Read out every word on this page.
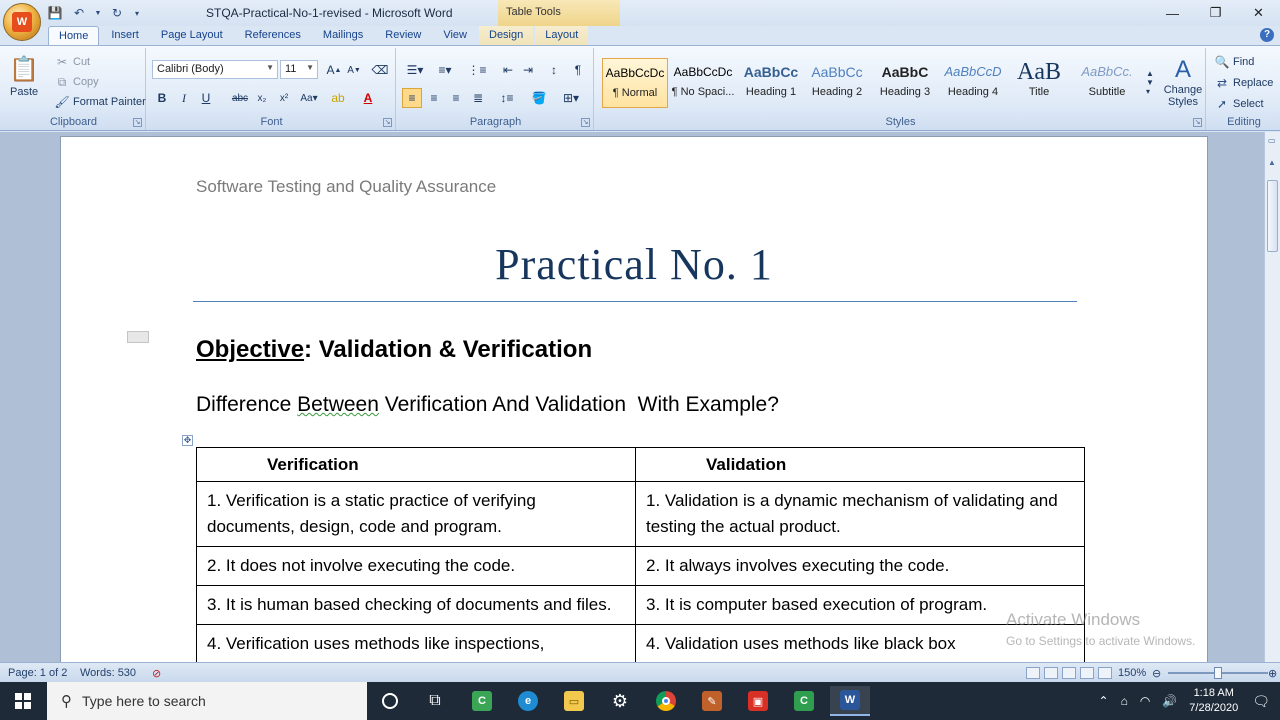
W
💾 ↶	▼ ↻	▾	STQA-Practical-No-1-revised - Microsoft Word	Table Tools	—	❐	✕
Home	Insert	Page Layout	References	Mailings	Review	View	Design	Layout	?
📋
Paste
✂ Cut
⧉ Copy
🖌 Format Painter
Clipboard	↘
Calibri (Body)	▼	11 ▼ A ▲ A ▼ ⌫
B	I	U	abc x₂	x²	Aa▾	ab	A
Font	↘
☰▾	≡▾	⋮≡	⇤ ⇥	↕	¶
≡	≡	≡	≣	↕≡	🪣	⊞▾
Paragraph	↘
AaBbCcDc
¶ Normal
AaBbCcDc
¶ No Spaci...
AaBbCc
Heading 1
AaBbCc
Heading 2
AaBbC
Heading 3
AaBbCcD
Heading 4
AaB
Title
AaBbCc.
Subtitle
▲
▼
▾
A
Change Styles
Styles	↘
🔍 Find
⇄ Replace
➚ Select
Editing
Software Testing and Quality Assurance
Practical No. 1
Objective: Validation & Verification
Difference Between Verification And Validation  With Example?
✥
Verification	Validation
1. Verification is a static practice of verifying documents, design, code and program.	1. Validation is a dynamic mechanism of validating and testing the actual product.
2. It does not involve executing the code.	2. It always involves executing the code.
3. It is human based checking of documents and files.	3. It is computer based execution of program.
4. Verification uses methods like inspections,	4. Validation uses methods like black box
Activate Windows
Go to Settings to activate Windows.
▭
▲
Page: 1 of 2 Words: 530 ⊘	150% ⊖	⊕
⚲ Type here to search	⧉	C	e	▭ ⚙	✎	▣	C	W	⌃ ⌂ ◠ 🔊
1:18 AM
7/28/2020 🗨
